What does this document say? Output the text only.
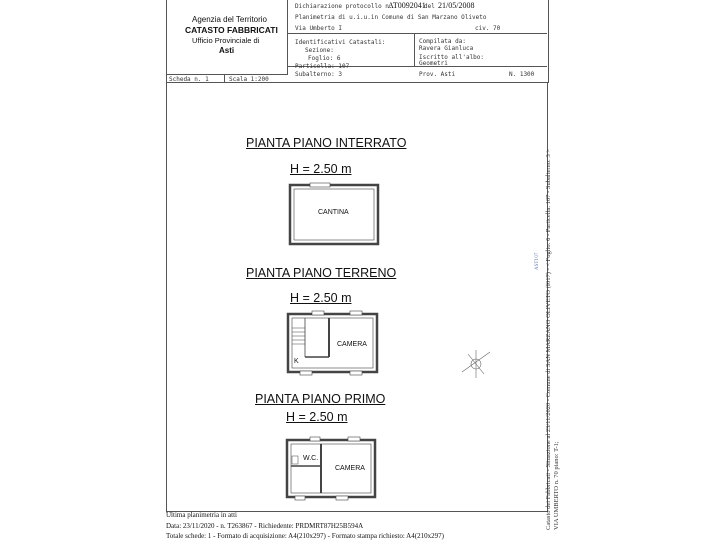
Agenzia del Territorio
CATASTO FABBRICATI
Ufficio Provinciale di
Asti
Dichiarazione protocollo n.
AT0092041
del 21/05/2008
Planimetria di u.i.u.in Comune di San Marzano Oliveto
Via Umberto I	civ. 70
Identificativi Catastali:
Sezione:
Foglio: 6
Particella: 107
Subalterno: 3
Compilata da:
Ravera Gianluca
Iscritto all'albo:
Geometri
Prov. Asti	N. 1300
Scheda n. 1	Scala 1:200
PIANTA PIANO INTERRATO
H = 2.50 m
PIANTA PIANO TERRENO
H = 2.50 m
PIANTA PIANO PRIMO
H = 2.50 m
CANTINA
CAMERA
K
W.C.
CAMERA	Catasto dei Fabbricati - Situazione al 23/11/2020 - Comune di SAN MARZANO OLIVETO (I017) - < Foglio: 6 - Particella: 107 - Subalterno: 3 > VIA UMBERTO n. 70 piano: T-1;
ASTI 07
Ultima planimetria in atti
Data: 23/11/2020 - n. T263867 - Richiedente: PRDMRT87H25B594A
Totale schede: 1 - Formato di acquisizione: A4(210x297) - Formato stampa richiesto: A4(210x297)
